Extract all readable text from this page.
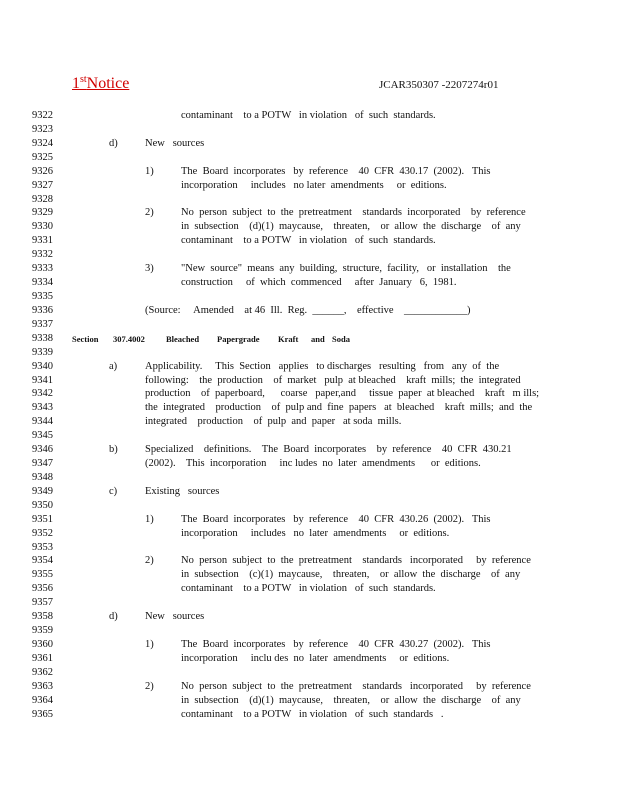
1stNotice	JCAR350307 -2207274r01
9322	contaminant    to a POTW   in violation   of  such  standards.
9323
9324	d)	New   sources
9325
9326	1)	The  Board  incorporates   by  reference    40  CFR  430.17  (2002).   This
9327	incorporation     includes   no later  amendments     or  editions.
9328
9329	2)	No  person  subject  to  the  pretreatment    standards  incorporated    by  reference
9330	in  subsection    (d)(1)  maycause,    threaten,    or  allow  the  discharge    of  any
9331	contaminant    to a POTW   in violation   of  such  standards.
9332
9333	3)	"New  source"  means  any  building,  structure,  facility,   or  installation    the
9334	construction     of  which  commenced     after  January   6,  1981.
9335
9336	(Source:     Amended    at 46  Ill.  Reg.  ______,    effective    ____________)
9337
9338 Section 307.4002 Bleached Papergrade Kraft and Soda
9339
9340	a)	Applicability.     This  Section   applies   to discharges   resulting   from   any  of  the
9341	following:    the  production    of  market   pulp  at bleached    kraft  mills;  the  integrated
9342	production    of  paperboard,      coarse   paper,and     tissue  paper  at bleached    kraft   m ills;
9343	the  integrated    production    of  pulp and  fine  papers   at  bleached    kraft  mills;  and  the
9344	integrated    production    of  pulp  and  paper   at soda  mills.
9345
9346	b)	Specialized    definitions.    The  Board  incorporates    by  reference    40  CFR  430.21
9347	(2002).    This  incorporation     inc ludes  no  later  amendments      or  editions.
9348
9349	c)	Existing   sources
9350
9351	1)	The  Board  incorporates   by  reference    40  CFR  430.26  (2002).   This
9352	incorporation     includes   no  later  amendments     or  editions.
9353
9354	2)	No  person  subject  to  the  pretreatment    standards   incorporated     by  reference
9355	in  subsection    (c)(1)  maycause,    threaten,    or  allow  the  discharge    of  any
9356	contaminant    to a POTW   in violation   of  such  standards.
9357
9358	d)	New   sources
9359
9360	1)	The  Board  incorporates   by  reference    40  CFR  430.27  (2002).   This
9361	incorporation     inclu des  no  later  amendments     or  editions.
9362
9363	2)	No  person  subject  to  the  pretreatment    standards   incorporated     by  reference
9364	in  subsection    (d)(1)  maycause,    threaten,    or  allow  the  discharge    of  any
9365	contaminant    to a POTW   in violation   of  such  standards   .
